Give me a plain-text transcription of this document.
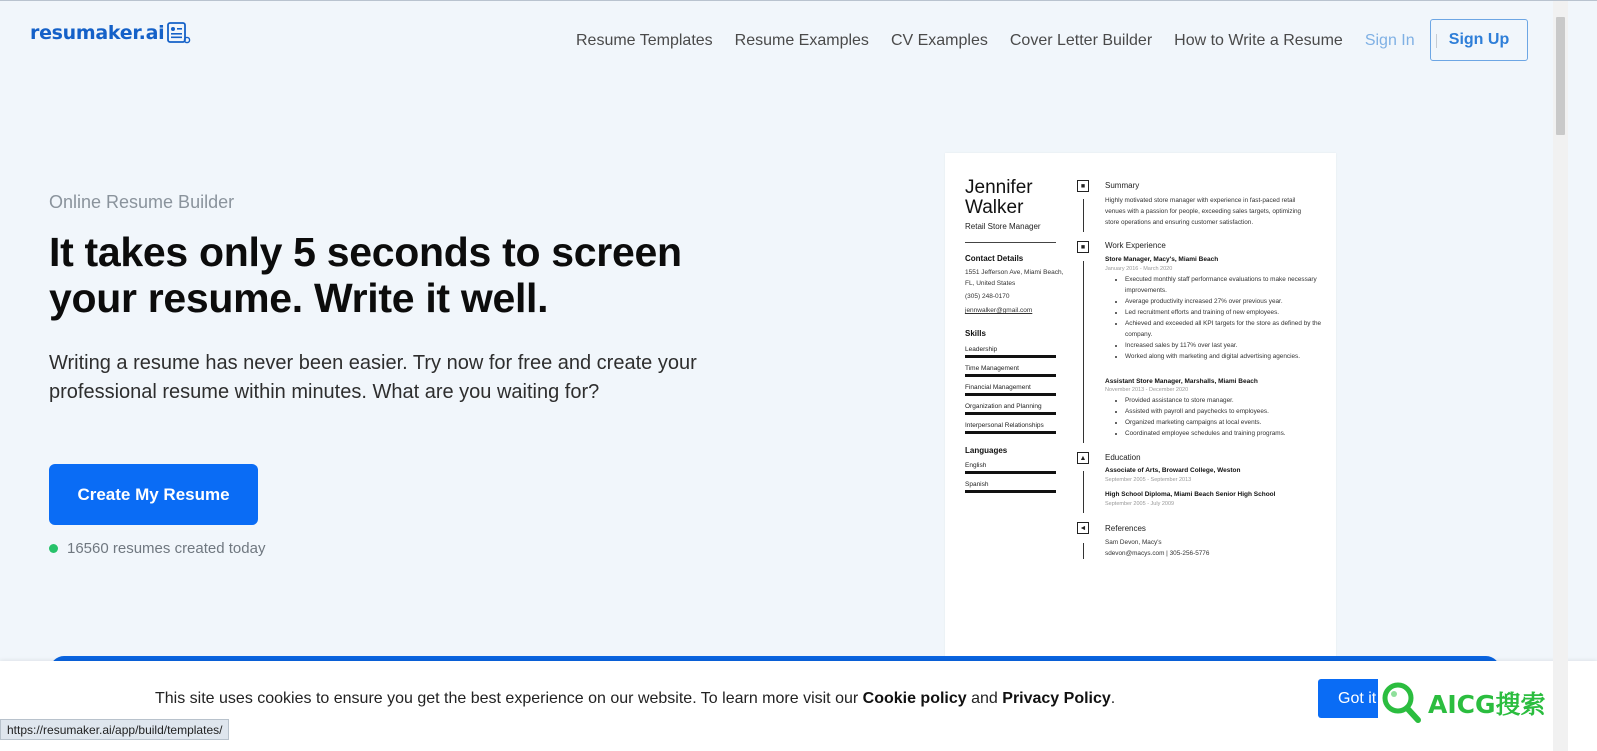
resumaker.ai	Resume Templates Resume Examples CV Examples Cover Letter Builder How to Write a Resume Sign In	Sign Up
Online Resume Builder
It takes only 5 seconds to screen your resume. Write it well.

Writing a resume has never been easier. Try now for free and create your professional resume within minutes. What are you waiting for?

Create My Resume
16560 resumes created today
Jennifer
Walker
Retail Store Manager
Contact Details
1551 Jefferson Ave, Miami Beach, FL, United States
(305) 248-0170
jennwalker@gmail.com
Skills
Leadership
Time Management
Financial Management
Organization and Planning
Interpersonal Relationships
Languages
English
Spanish
■
■
▲
◄
Summary
Highly motivated store manager with experience in fast-paced retail venues with a passion for people, exceeding sales targets, optimizing store operations and ensuring customer satisfaction.
Work Experience
Store Manager, Macy's, Miami Beach
January 2016 - March 2020
• Executed monthly staff performance evaluations to make necessary improvements.
• Average productivity increased 27% over previous year.
• Led recruitment efforts and training of new employees.
• Achieved and exceeded all KPI targets for the store as defined by the company.
• Increased sales by 117% over last year.
• Worked along with marketing and digital advertising agencies.
Assistant Store Manager, Marshalls, Miami Beach
November 2013 - December 2020
• Provided assistance to store manager.
• Assisted with payroll and paychecks to employees.
• Organized marketing campaigns at local events.
• Coordinated employee schedules and training programs.
Education
Associate of Arts, Broward College, Weston
September 2005 - September 2013
High School Diploma, Miami Beach Senior High School
September 2005 - July 2009
References
Sam Devon, Macy's
sdevon@macys.com | 305-256-5776
This site uses cookies to ensure you get the best experience on our website. To learn more visit our Cookie policy and Privacy Policy.	Got it AICG搜索
https://resumaker.ai/app/build/templates/
